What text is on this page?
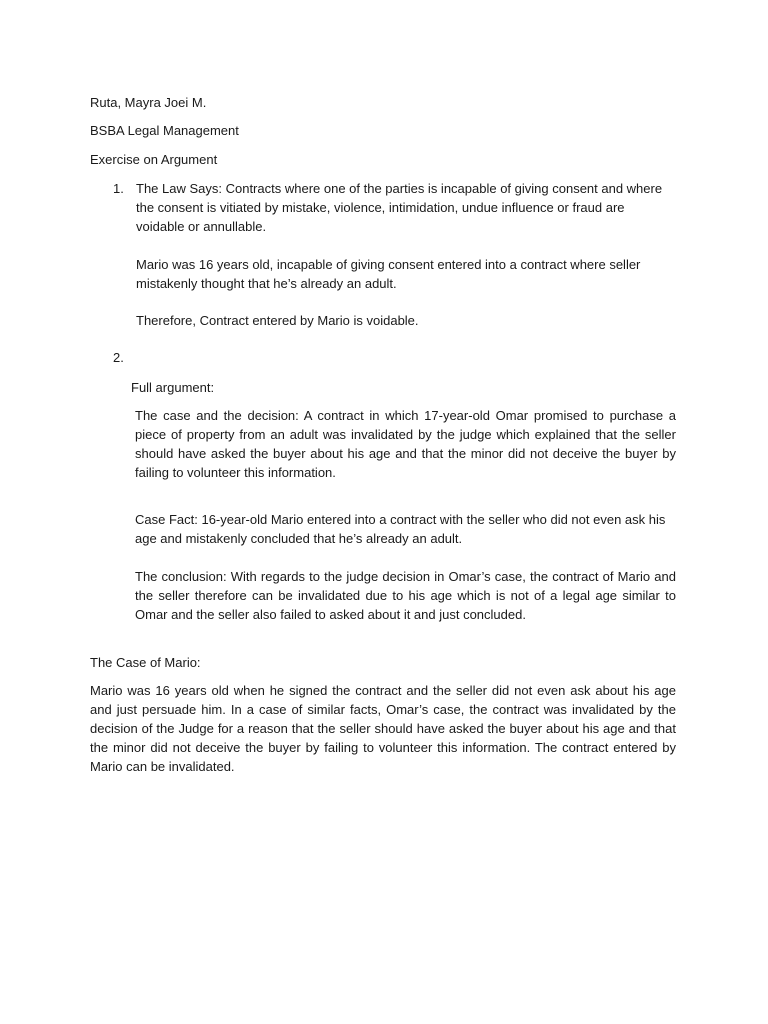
Ruta, Mayra Joei M.
BSBA Legal Management
Exercise on Argument
1. The Law Says: Contracts where one of the parties is incapable of giving consent and where the consent is vitiated by mistake, violence, intimidation, undue influence or fraud are voidable or annullable.

Mario was 16 years old, incapable of giving consent entered into a contract where seller mistakenly thought that he’s already an adult.

Therefore, Contract entered by Mario is voidable.

2.
Full argument:

The case and the decision: A contract in which 17-year-old Omar promised to purchase a piece of property from an adult was invalidated by the judge which explained that the seller should have asked the buyer about his age and that the minor did not deceive the buyer by failing to volunteer this information.

Case Fact: 16-year-old Mario entered into a contract with the seller who did not even ask his age and mistakenly concluded that he’s already an adult.

The conclusion: With regards to the judge decision in Omar’s case, the contract of Mario and the seller therefore can be invalidated due to his age which is not of a legal age similar to Omar and the seller also failed to asked about it and just concluded.

The Case of Mario:

Mario was 16 years old when he signed the contract and the seller did not even ask about his age and just persuade him. In a case of similar facts, Omar’s case, the contract was invalidated by the decision of the Judge for a reason that the seller should have asked the buyer about his age and that the minor did not deceive the buyer by failing to volunteer this information. The contract entered by Mario can be invalidated.
